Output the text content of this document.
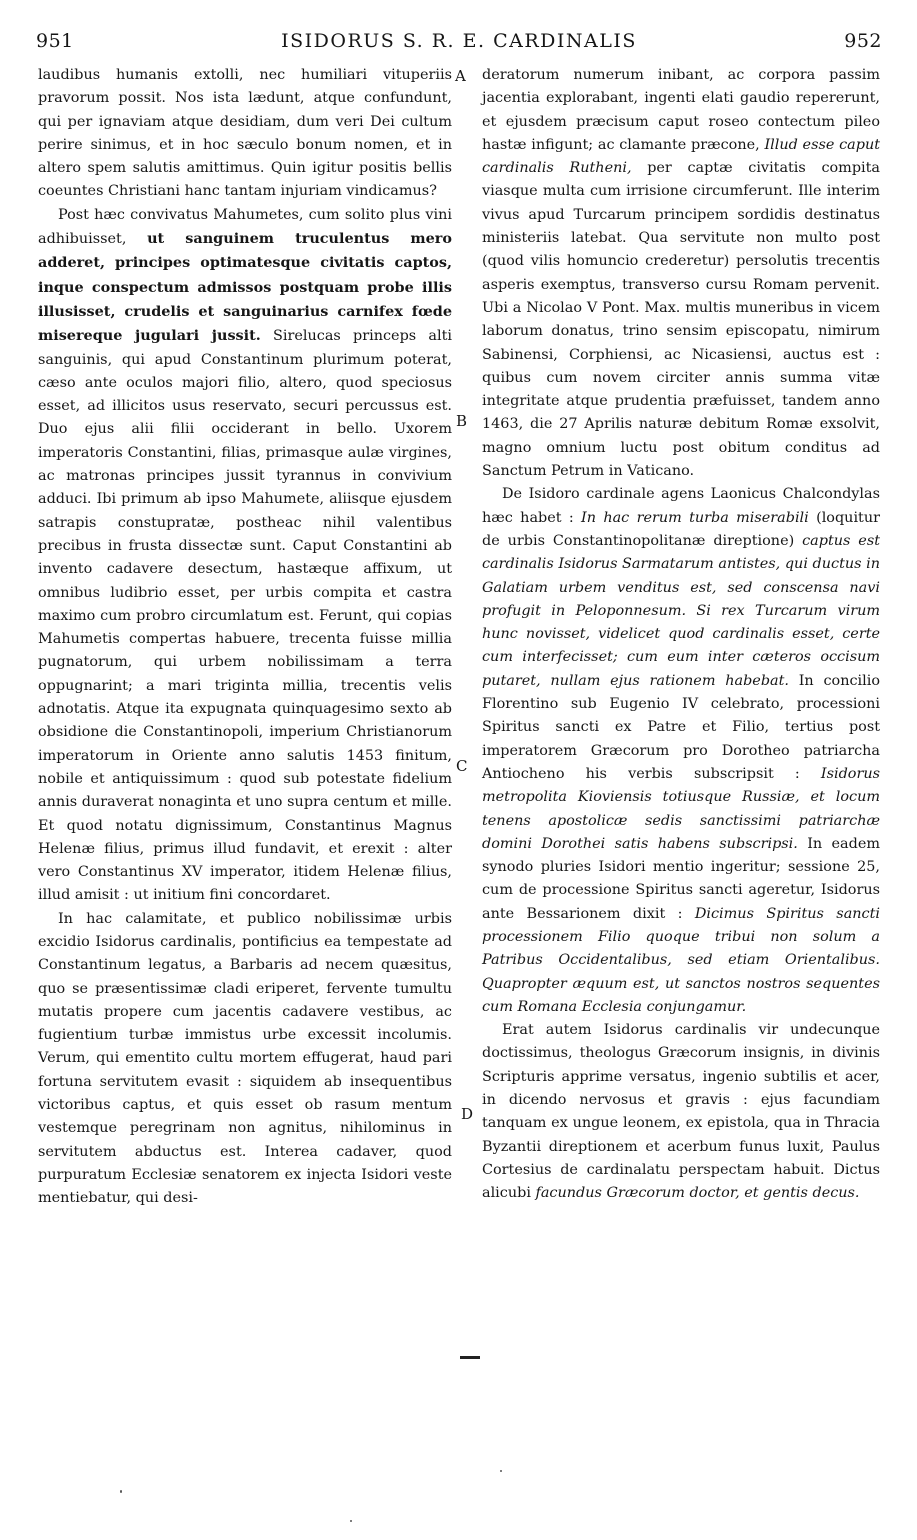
951	ISIDORUS S. R. E. CARDINALIS	952

laudibus humanis extolli, nec humiliari vituperiis pravorum possit. Nos ista lædunt, atque confundunt, qui per ignaviam atque desidiam, dum veri Dei cultum perire sinimus, et in hoc sæculo bonum nomen, et in altero spem salutis amittimus. Quin igitur positis bellis coeuntes Christiani hanc tantam injuriam vindicamus?

Post hæc convivatus Mahumetes, cum solito plus vini adhibuisset, ut sanguinem truculentus mero adderet, principes optimatesque civitatis captos, inque conspectum admissos postquam probe illis illusisset, crudelis et sanguinarius carnifex fœde misereque jugulari jussit. Sirelucas princeps alti sanguinis, qui apud Constantinum plurimum poterat, cæso ante oculos majori filio, altero, quod speciosus esset, ad illicitos usus reservato, securi percussus est. Duo ejus alii filii occiderant in bello. Uxorem imperatoris Constantini, filias, primasque aulæ virgines, ac matronas principes jussit tyrannus in convivium adduci. Ibi primum ab ipso Mahumete, aliisque ejusdem satrapis constupratæ, postheac nihil valentibus precibus in frusta dissectæ sunt. Caput Constantini ab invento cadavere desectum, hastæque affixum, ut omnibus ludibrio esset, per urbis compita et castra maximo cum probro circumlatum est. Ferunt, qui copias Mahumetis compertas habuere, trecenta fuisse millia pugnatorum, qui urbem nobilissimam a terra oppugnarint; a mari triginta millia, trecentis velis adnotatis. Atque ita expugnata quinquagesimo sexto ab obsidione die Constantinopoli, imperium Christianorum imperatorum in Oriente anno salutis 1453 finitum, nobile et antiquissimum : quod sub potestate fidelium annis duraverat nonaginta et uno supra centum et mille. Et quod notatu dignissimum, Constantinus Magnus Helenæ filius, primus illud fundavit, et erexit : alter vero Constantinus XV imperator, itidem Helenæ filius, illud amisit : ut initium fini concordaret.

In hac calamitate, et publico nobilissimæ urbis excidio Isidorus cardinalis, pontificius ea tempestate ad Constantinum legatus, a Barbaris ad necem quæsitus, quo se præsentissimæ cladi eriperet, fervente tumultu mutatis propere cum jacentis cadavere vestibus, ac fugientium turbæ immistus urbe excessit incolumis. Verum, qui ementito cultu mortem effugerat, haud pari fortuna servitutem evasit : siquidem ab insequentibus victoribus captus, et quis esset ob rasum mentum vestemque peregrinam non agnitus, nihilominus in servitutem abductus est. Interea cadaver, quod purpuratum Ecclesiæ senatorem ex injecta Isidori veste mentiebatur, qui desi-

deratorum numerum inibant, ac corpora passim jacentia explorabant, ingenti elati gaudio repererunt, et ejusdem præcisum caput roseo contectum pileo hastæ infigunt; ac clamante præcone, Illud esse caput cardinalis Rutheni, per captæ civitatis compita viasque multa cum irrisione circumferunt. Ille interim vivus apud Turcarum principem sordidis destinatus ministeriis latebat. Qua servitute non multo post (quod vilis homuncio crederetur) persolutis trecentis asperis exemptus, transverso cursu Romam pervenit. Ubi a Nicolao V Pont. Max. multis muneribus in vicem laborum donatus, trino sensim episcopatu, nimirum Sabinensi, Corphiensi, ac Nicasiensi, auctus est : quibus cum novem circiter annis summa vitæ integritate atque prudentia præfuisset, tandem anno 1463, die 27 Aprilis naturæ debitum Romæ exsolvit, magno omnium luctu post obitum conditus ad Sanctum Petrum in Vaticano.

De Isidoro cardinale agens Laonicus Chalcondylas hæc habet : In hac rerum turba miserabili (loquitur de urbis Constantinopolitanæ direptione) captus est cardinalis Isidorus Sarmatarum antistes, qui ductus in Galatiam urbem venditus est, sed conscensa navi profugit in Peloponnesum. Si rex Turcarum virum hunc novisset, videlicet quod cardinalis esset, certe cum interfecisset; cum eum inter cæteros occisum putaret, nullam ejus rationem habebat. In concilio Florentino sub Eugenio IV celebrato, processioni Spiritus sancti ex Patre et Filio, tertius post imperatorem Græcorum pro Dorotheo patriarcha Antiocheno his verbis subscripsit : Isidorus metropolita Kioviensis totiusque Russiæ, et locum tenens apostolicæ sedis sanctissimi patriarchæ domini Dorothei satis habens subscripsi. In eadem synodo pluries Isidori mentio ingeritur; sessione 25, cum de processione Spiritus sancti ageretur, Isidorus ante Bessarionem dixit : Dicimus Spiritus sancti processionem Filio quoque tribui non solum a Patribus Occidentalibus, sed etiam Orientalibus. Quapropter æquum est, ut sanctos nostros sequentes cum Romana Ecclesia conjungamur.

Erat autem Isidorus cardinalis vir undecunque doctissimus, theologus Græcorum insignis, in divinis Scripturis apprime versatus, ingenio subtilis et acer, in dicendo nervosus et gravis : ejus facundiam tanquam ex ungue leonem, ex epistola, qua in Thracia Byzantii direptionem et acerbum funus luxit, Paulus Cortesius de cardinalatu perspectam habuit. Dictus alicubi facundus Græcorum doctor, et gentis decus.

A
B
C
D
